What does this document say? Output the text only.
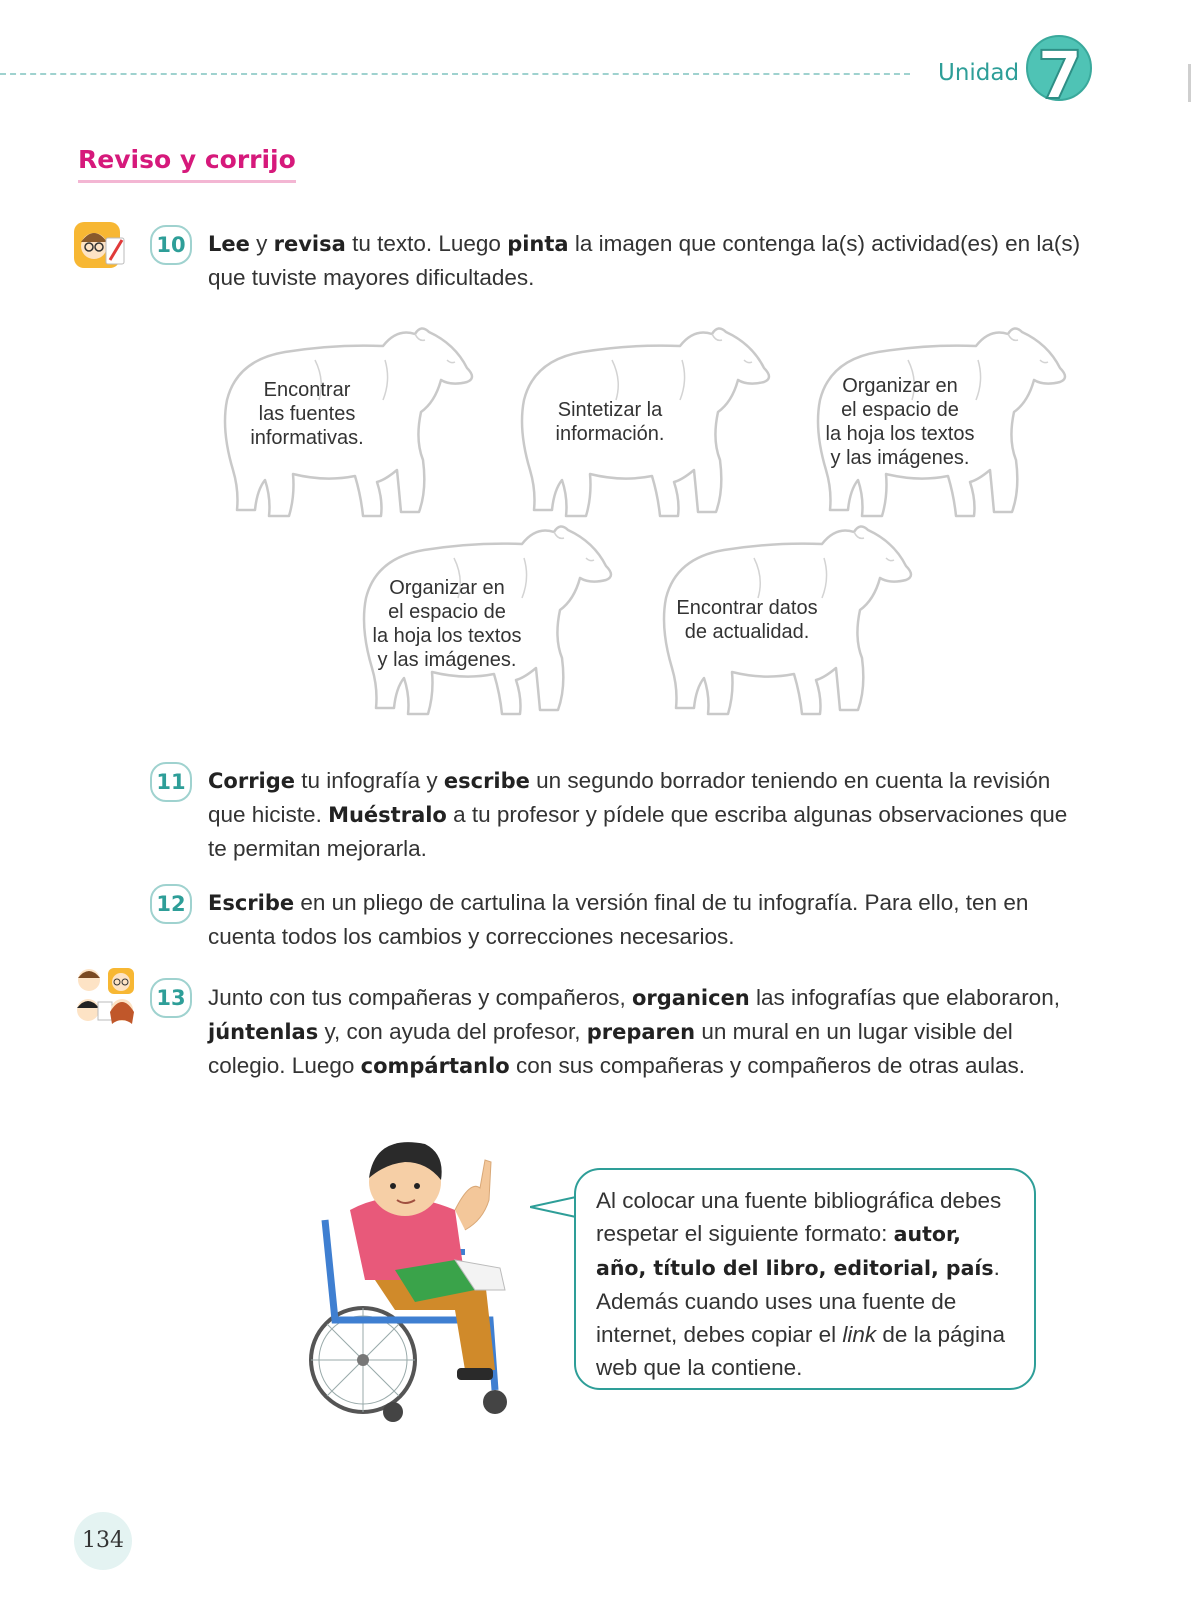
Unidad 7
Reviso y corrijo
10	Lee y revisa tu texto. Luego pinta la imagen que contenga la(s) actividad(es) en la(s) que tuviste mayores dificultades.
Encontrar
las fuentes
informativas.
Sintetizar la
información.
Organizar en
el espacio de
la hoja los textos
y las imágenes.
Organizar en
el espacio de
la hoja los textos
y las imágenes.
Encontrar datos
de actualidad.
11	Corrige tu infografía y escribe un segundo borrador teniendo en cuenta la revisión que hiciste. Muéstralo a tu profesor y pídele que escriba algunas observaciones que te permitan mejorarla.
12	Escribe en un pliego de cartulina la versión final de tu infografía. Para ello, ten en cuenta todos los cambios y correcciones necesarios.
13 Junto con tus compañeras y compañeros, organicen las infografías que elaboraron, júntenlas y, con ayuda del profesor, preparen un mural en un lugar visible del colegio. Luego compártanlo con sus compañeras y compañeros de otras aulas.
Al colocar una fuente bibliográfica debes respetar el siguiente formato: autor, año, título del libro, editorial, país. Además cuando uses una fuente de internet, debes copiar el link de la página web que la contiene.
134
